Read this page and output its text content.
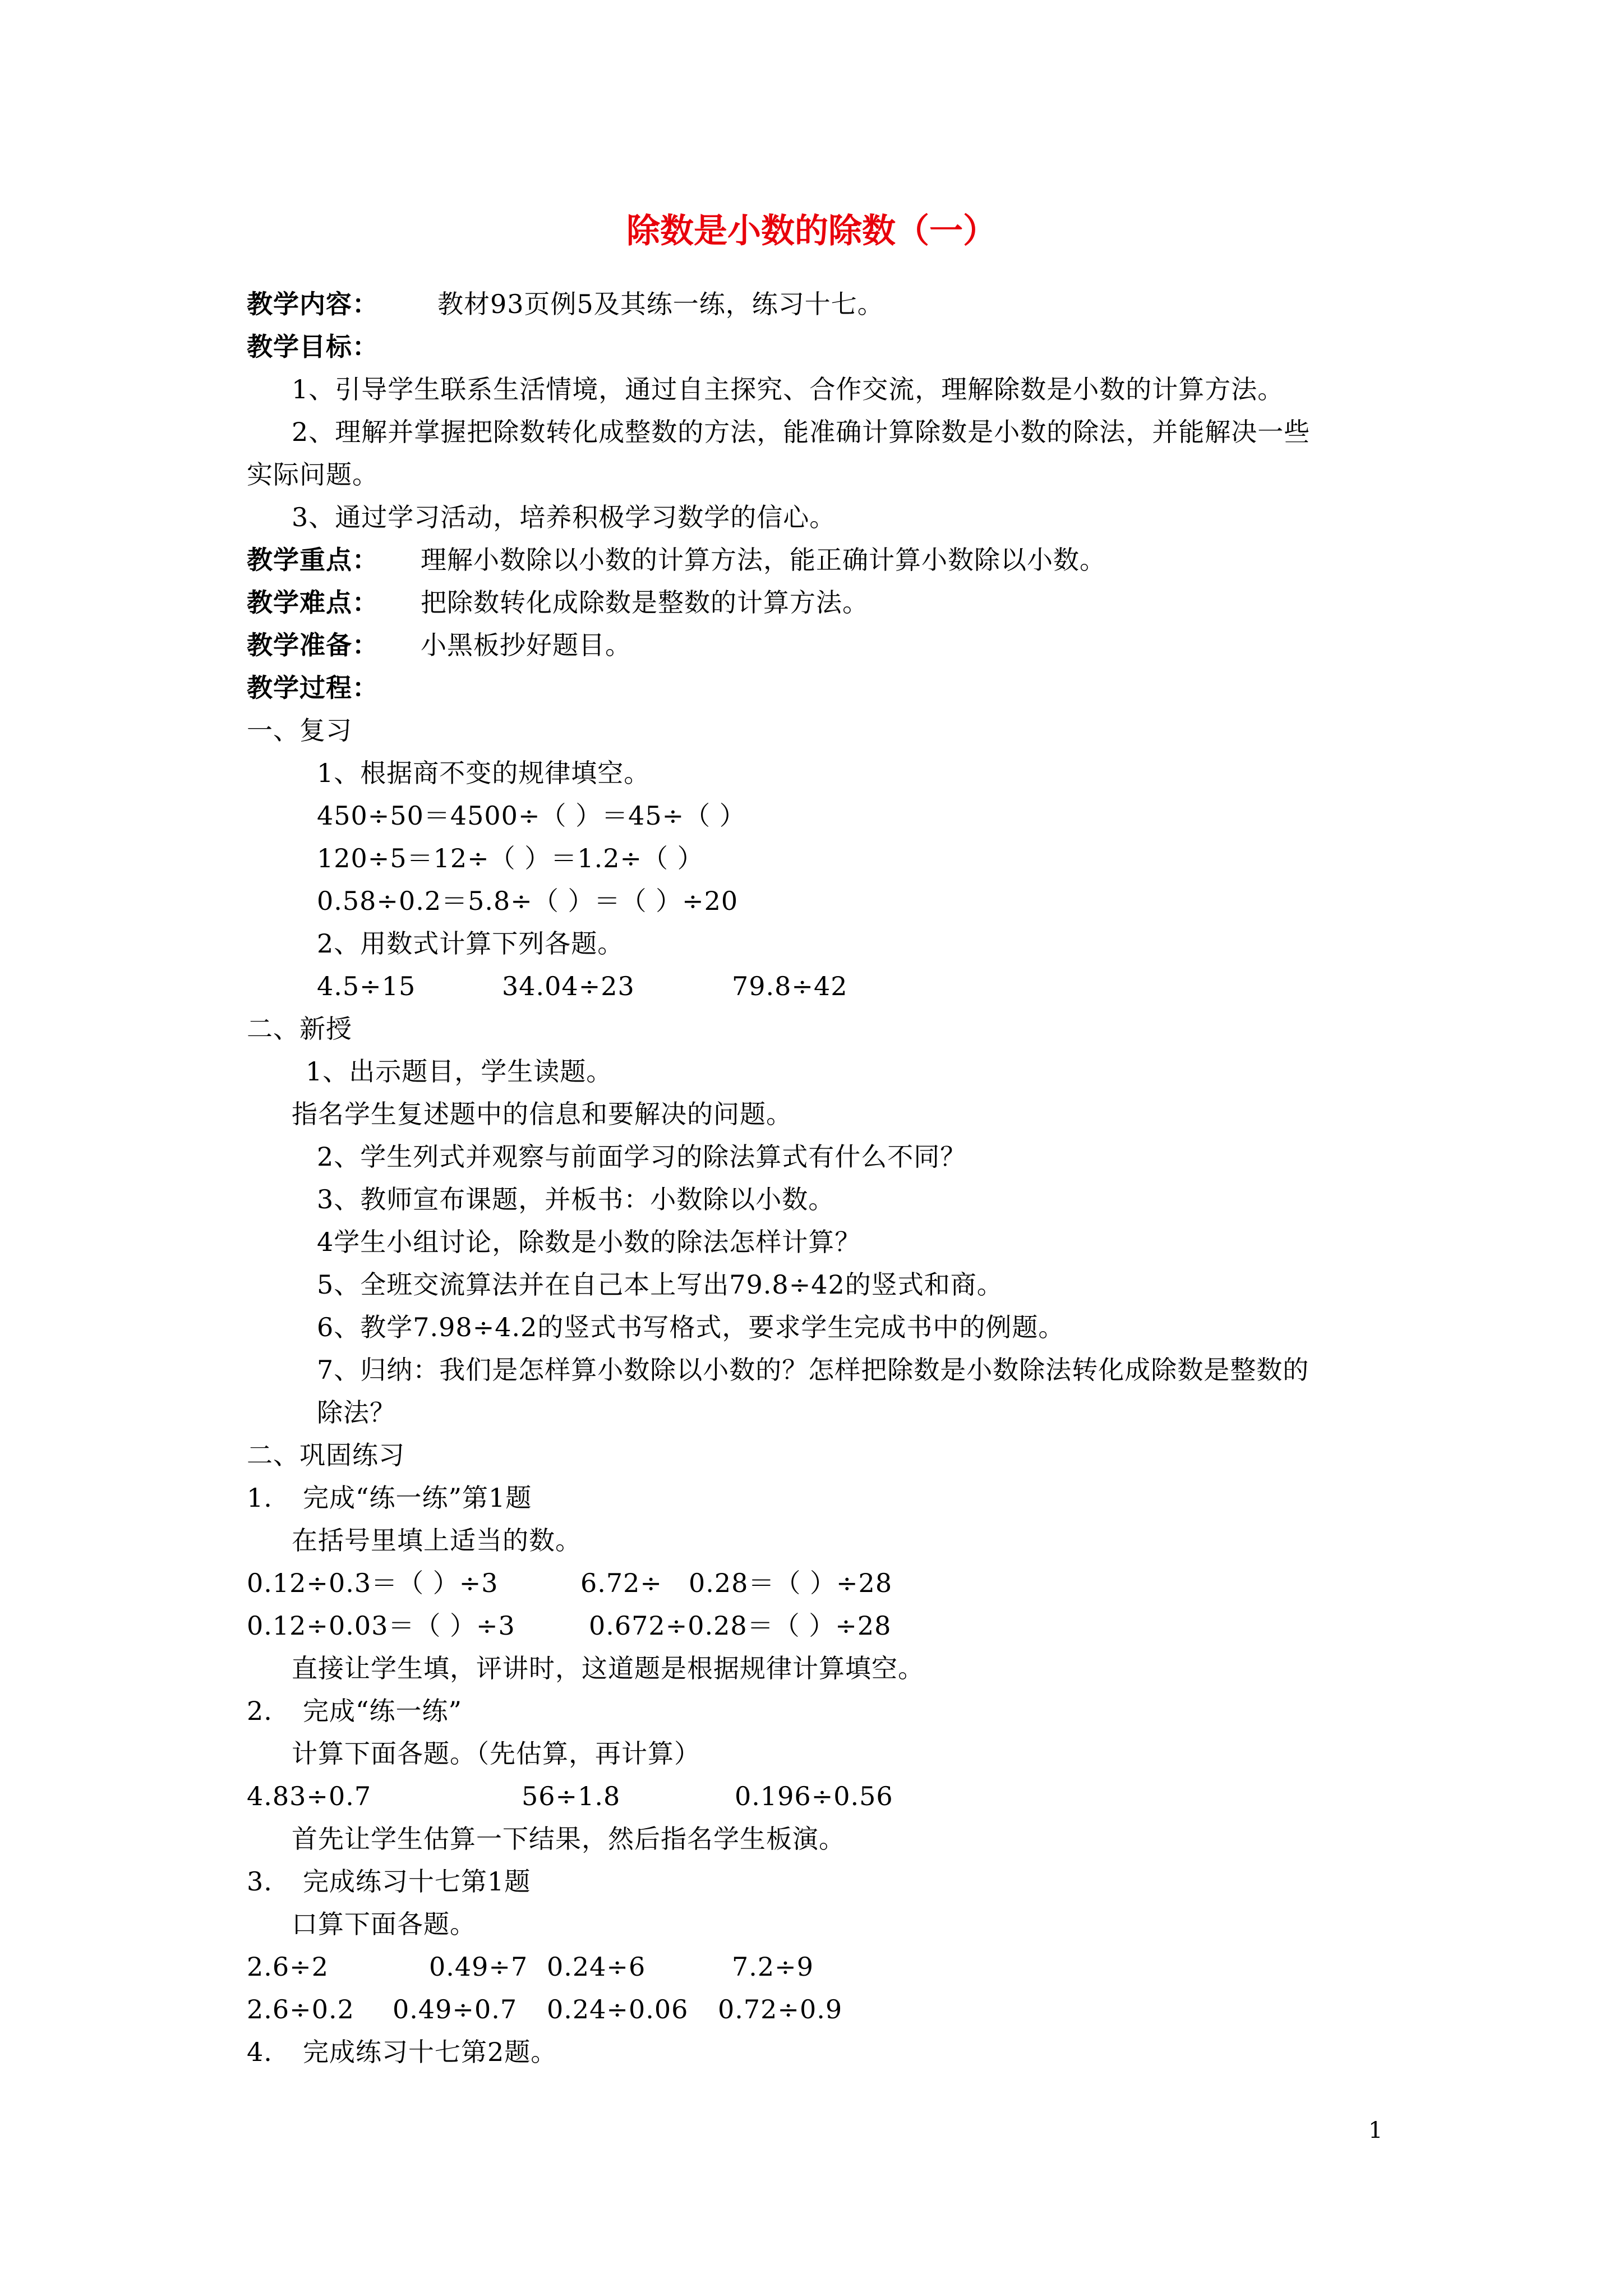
除数是小数的除数（一）
教学内容： 教材93页例5及其练一练，练习十七。
教学目标：
1、引导学生联系生活情境，通过自主探究、合作交流，理解除数是小数的计算方法。
2、理解并掌握把除数转化成整数的方法，能准确计算除数是小数的除法，并能解决一些
实际问题。
3、通过学习活动，培养积极学习数学的信心。
教学重点： 理解小数除以小数的计算方法，能正确计算小数除以小数。
教学难点： 把除数转化成除数是整数的计算方法。
教学准备： 小黑板抄好题目。
教学过程：
一、复习
1、根据商不变的规律填空。
450÷50＝4500÷（ ）＝45÷（ ）
120÷5＝12÷（ ）＝1.2÷（ ）
0.58÷0.2＝5.8÷（ ）＝（ ）÷20
2、用数式计算下列各题。
4.5÷15	34.04÷23	79.8÷42
二、新授
1、出示题目，学生读题。
指名学生复述题中的信息和要解决的问题。
2、学生列式并观察与前面学习的除法算式有什么不同？
3、教师宣布课题，并板书：小数除以小数。
4学生小组讨论，除数是小数的除法怎样计算？
5、全班交流算法并在自己本上写出79.8÷42的竖式和商。
6、教学7.98÷4.2的竖式书写格式，要求学生完成书中的例题。
7、归纳：我们是怎样算小数除以小数的？怎样把除数是小数除法转化成除数是整数的
除法？
二、巩固练习
1. 完成“练一练”第1题
在括号里填上适当的数。
0.12÷0.3＝（ ）÷3	6.72÷　0.28＝（ ）÷28
0.12÷0.03＝（ ）÷3	0.672÷0.28＝（ ）÷28
直接让学生填，评讲时，这道题是根据规律计算填空。
2. 完成“练一练”
计算下面各题。（先估算，再计算）
4.83÷0.7	56÷1.8	0.196÷0.56
首先让学生估算一下结果，然后指名学生板演。
3. 完成练习十七第1题
口算下面各题。
2.6÷2	0.49÷7 0.24÷6	7.2÷9
2.6÷0.2 0.49÷0.7 0.24÷0.06 0.72÷0.9
4. 完成练习十七第2题。
1
